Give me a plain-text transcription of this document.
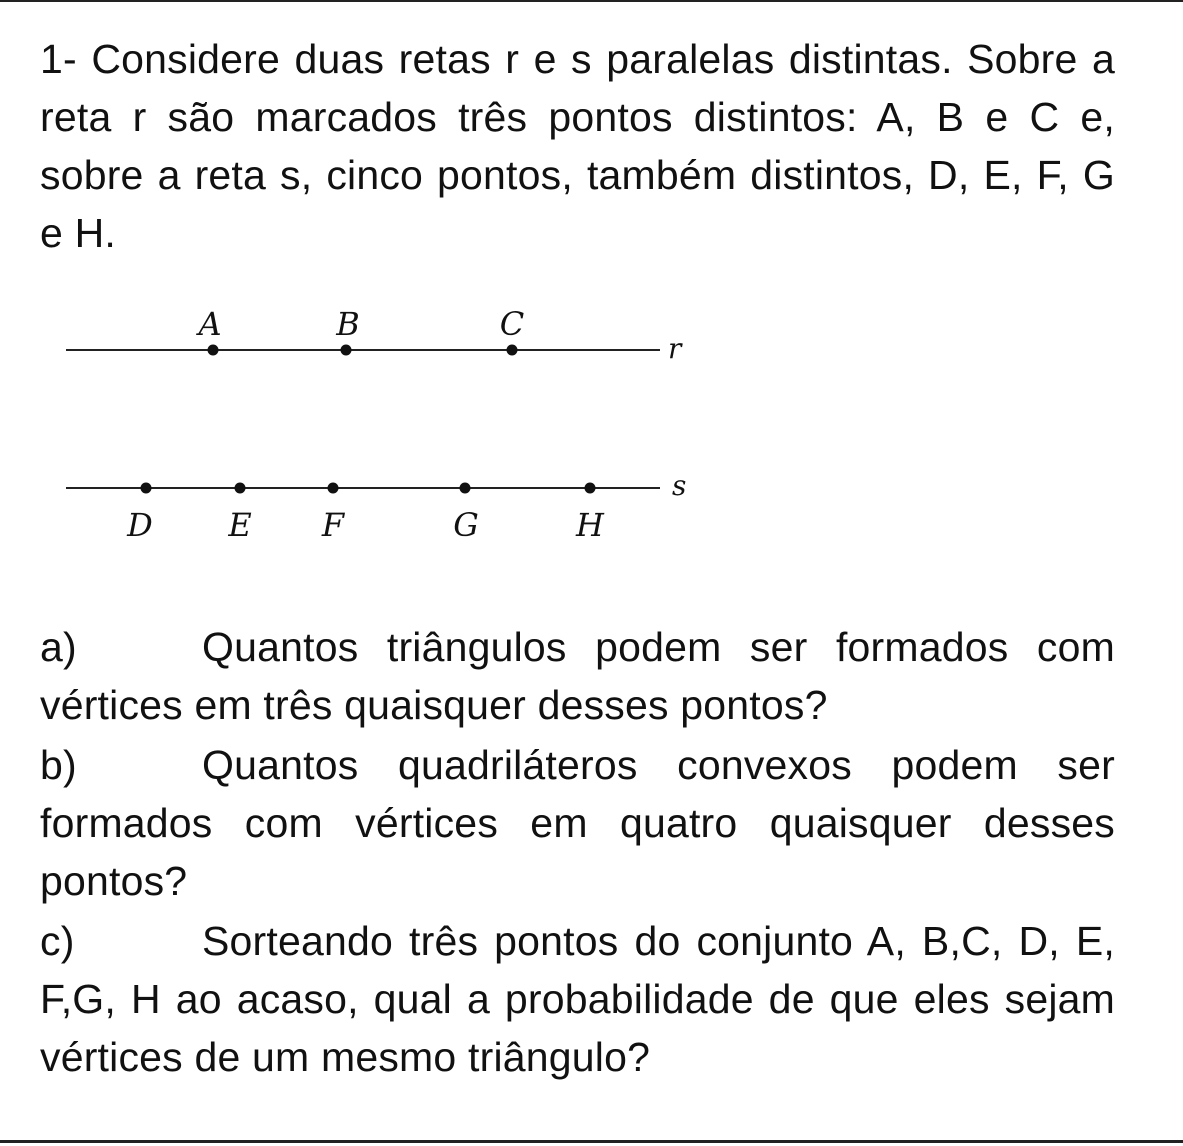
1- Considere duas retas r e s paralelas distintas. Sobre a reta r são marcados três pontos distintos: A, B e C e, sobre a reta s, cinco pontos, também distintos, D, E, F, G e H.

r
A	B	C
s
D E F	G	H

a)	Quantos triângulos podem ser formados com vértices em três quaisquer desses pontos?

b)	Quantos quadriláteros convexos podem ser formados com vértices em quatro quaisquer desses pontos?

c)	Sorteando três pontos do conjunto A, B,C, D, E, F,G, H ao acaso, qual a probabilidade de que eles sejam vértices de um mesmo triângulo?
